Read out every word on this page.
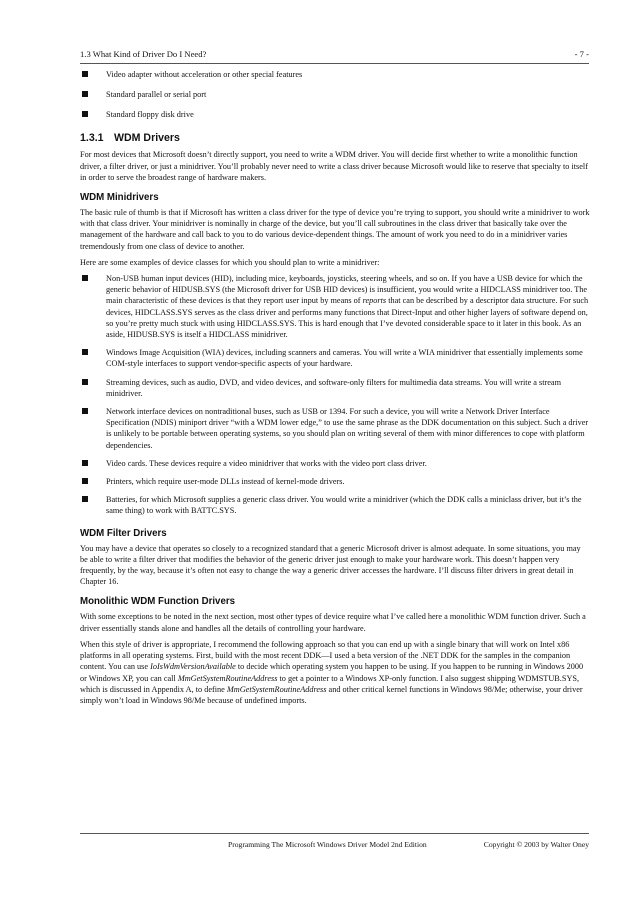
1.3 What Kind of Driver Do I Need?	- 7 -
Video adapter without acceleration or other special features
Standard parallel or serial port
Standard floppy disk drive
1.3.1 WDM Drivers

For most devices that Microsoft doesn’t directly support, you need to write a WDM driver. You will decide first whether to write a monolithic function driver, a filter driver, or just a minidriver. You’ll probably never need to write a class driver because Microsoft would like to reserve that specialty to itself in order to serve the broadest range of hardware makers.

WDM Minidrivers

The basic rule of thumb is that if Microsoft has written a class driver for the type of device you’re trying to support, you should write a minidriver to work with that class driver. Your minidriver is nominally in charge of the device, but you’ll call subroutines in the class driver that basically take over the management of the hardware and call back to you to do various device-dependent things. The amount of work you need to do in a minidriver varies tremendously from one class of device to another.

Here are some examples of device classes for which you should plan to write a minidriver:

Non-USB human input devices (HID), including mice, keyboards, joysticks, steering wheels, and so on. If you have a USB device for which the generic behavior of HIDUSB.SYS (the Microsoft driver for USB HID devices) is insufficient, you would write a HIDCLASS minidriver too. The main characteristic of these devices is that they report user input by means of reports that can be described by a descriptor data structure. For such devices, HIDCLASS.SYS serves as the class driver and performs many functions that Direct-Input and other higher layers of software depend on, so you’re pretty much stuck with using HIDCLASS.SYS. This is hard enough that I’ve devoted considerable space to it later in this book. As an aside, HIDUSB.SYS is itself a HIDCLASS minidriver.
Windows Image Acquisition (WIA) devices, including scanners and cameras. You will write a WIA minidriver that essentially implements some COM-style interfaces to support vendor-specific aspects of your hardware.
Streaming devices, such as audio, DVD, and video devices, and software-only filters for multimedia data streams. You will write a stream minidriver.
Network interface devices on nontraditional buses, such as USB or 1394. For such a device, you will write a Network Driver Interface Specification (NDIS) miniport driver “with a WDM lower edge,” to use the same phrase as the DDK documentation on this subject. Such a driver is unlikely to be portable between operating systems, so you should plan on writing several of them with minor differences to cope with platform dependencies.
Video cards. These devices require a video minidriver that works with the video port class driver.
Printers, which require user-mode DLLs instead of kernel-mode drivers.
Batteries, for which Microsoft supplies a generic class driver. You would write a minidriver (which the DDK calls a miniclass driver, but it’s the same thing) to work with BATTC.SYS.
WDM Filter Drivers

You may have a device that operates so closely to a recognized standard that a generic Microsoft driver is almost adequate. In some situations, you may be able to write a filter driver that modifies the behavior of the generic driver just enough to make your hardware work. This doesn’t happen very frequently, by the way, because it’s often not easy to change the way a generic driver accesses the hardware. I’ll discuss filter drivers in great detail in Chapter 16.

Monolithic WDM Function Drivers

With some exceptions to be noted in the next section, most other types of device require what I’ve called here a monolithic WDM function driver. Such a driver essentially stands alone and handles all the details of controlling your hardware.

When this style of driver is appropriate, I recommend the following approach so that you can end up with a single binary that will work on Intel x86 platforms in all operating systems. First, build with the most recent DDK—I used a beta version of the .NET DDK for the samples in the companion content. You can use IoIsWdmVersionAvailable to decide which operating system you happen to be using. If you happen to be running in Windows 2000 or Windows XP, you can call MmGetSystemRoutineAddress to get a pointer to a Windows XP-only function. I also suggest shipping WDMSTUB.SYS, which is discussed in Appendix A, to define MmGetSystemRoutineAddress and other critical kernel functions in Windows 98/Me; otherwise, your driver simply won’t load in Windows 98/Me because of undefined imports.

Programming The Microsoft Windows Driver Model 2nd Edition	Copyright © 2003 by Walter Oney
